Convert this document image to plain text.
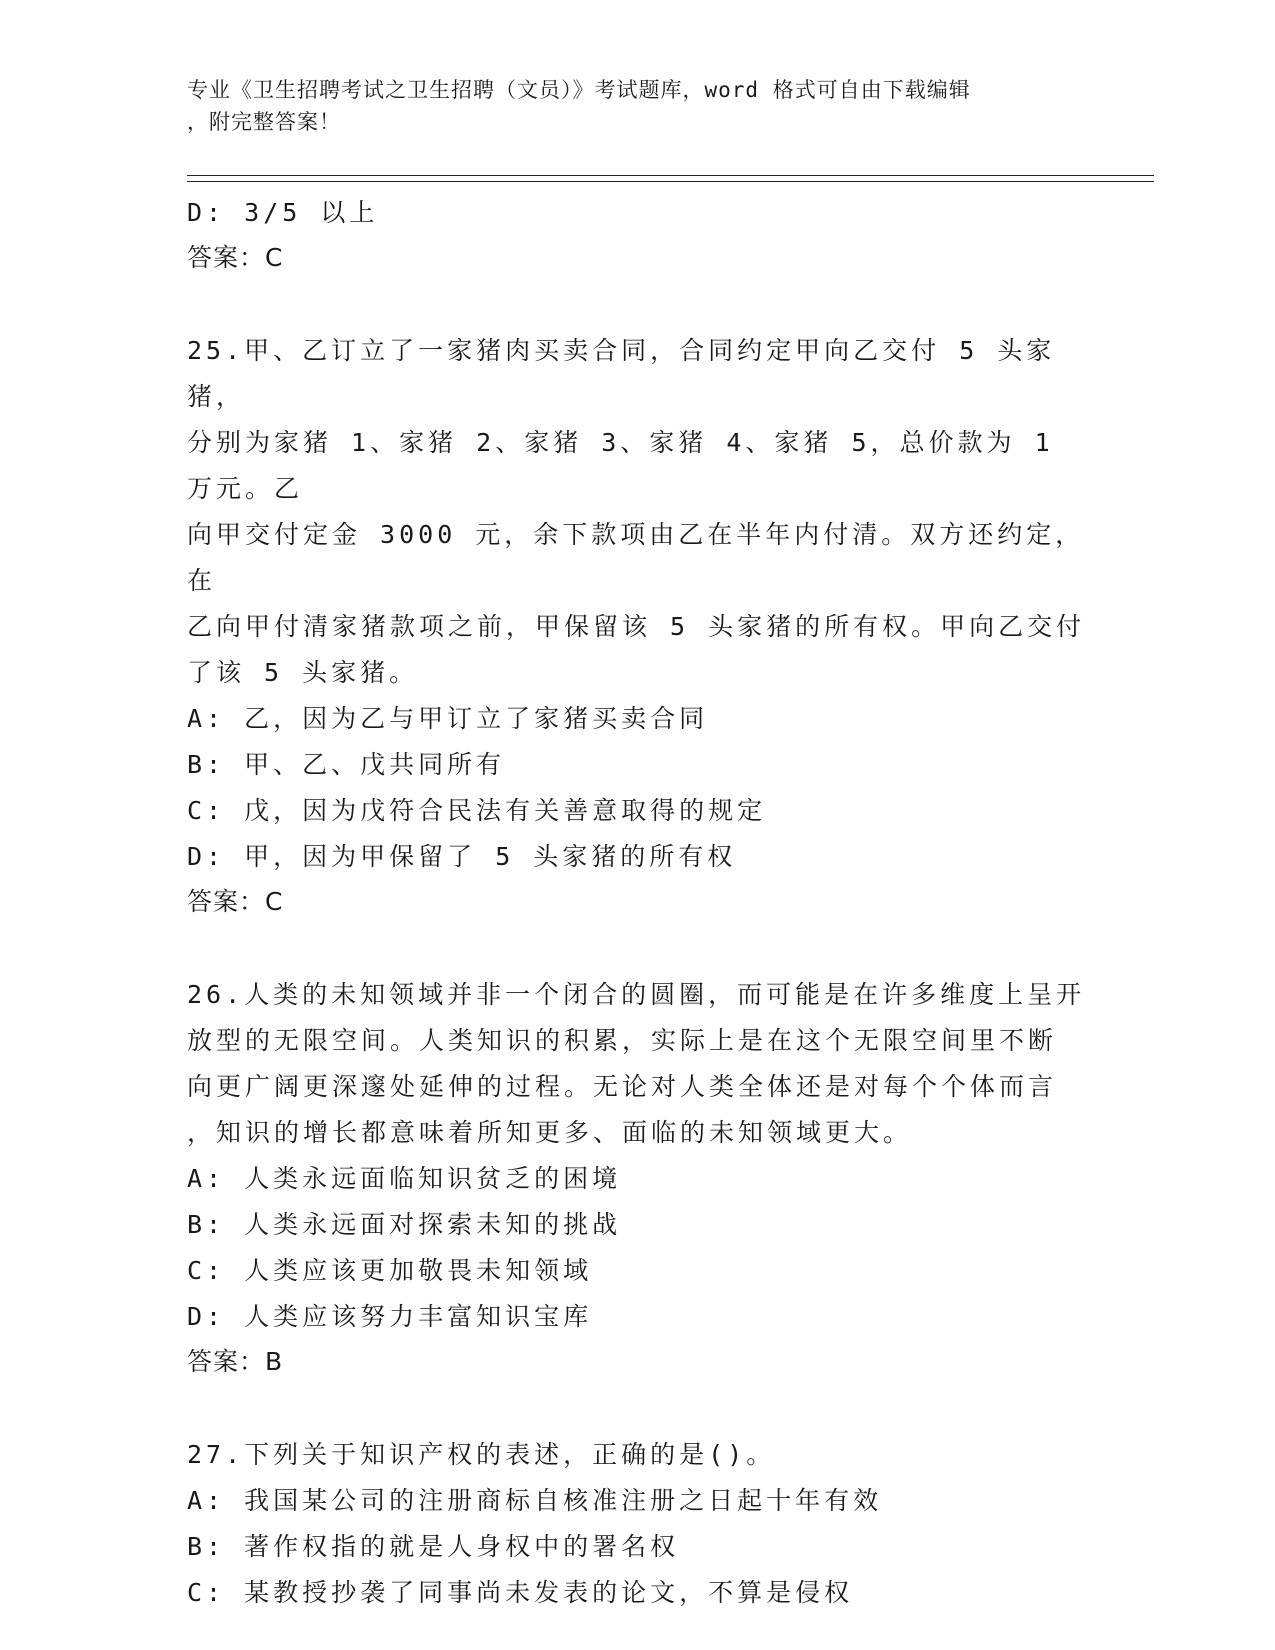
专业《卫生招聘考试之卫生招聘（文员）》考试题库，word 格式可自由下载编辑
，附完整答案！
D: 3/5 以上
答案：C
25.甲、乙订立了一家猪肉买卖合同，合同约定甲向乙交付 5 头家猪，
分别为家猪 1、家猪 2、家猪 3、家猪 4、家猪 5，总价款为 1 万元。乙
向甲交付定金 3000 元，余下款项由乙在半年内付清。双方还约定，在
乙向甲付清家猪款项之前，甲保留该 5 头家猪的所有权。甲向乙交付
了该 5 头家猪。
A: 乙，因为乙与甲订立了家猪买卖合同
B: 甲、乙、戊共同所有
C: 戊，因为戊符合民法有关善意取得的规定
D: 甲，因为甲保留了 5 头家猪的所有权
答案：C
26.人类的未知领域并非一个闭合的圆圈，而可能是在许多维度上呈开
放型的无限空间。人类知识的积累，实际上是在这个无限空间里不断
向更广阔更深邃处延伸的过程。无论对人类全体还是对每个个体而言
，知识的增长都意味着所知更多、面临的未知领域更大。
A: 人类永远面临知识贫乏的困境
B: 人类永远面对探索未知的挑战
C: 人类应该更加敬畏未知领域
D: 人类应该努力丰富知识宝库
答案：B
27.下列关于知识产权的表述，正确的是()。
A: 我国某公司的注册商标自核准注册之日起十年有效
B: 著作权指的就是人身权中的署名权
C: 某教授抄袭了同事尚未发表的论文，不算是侵权
